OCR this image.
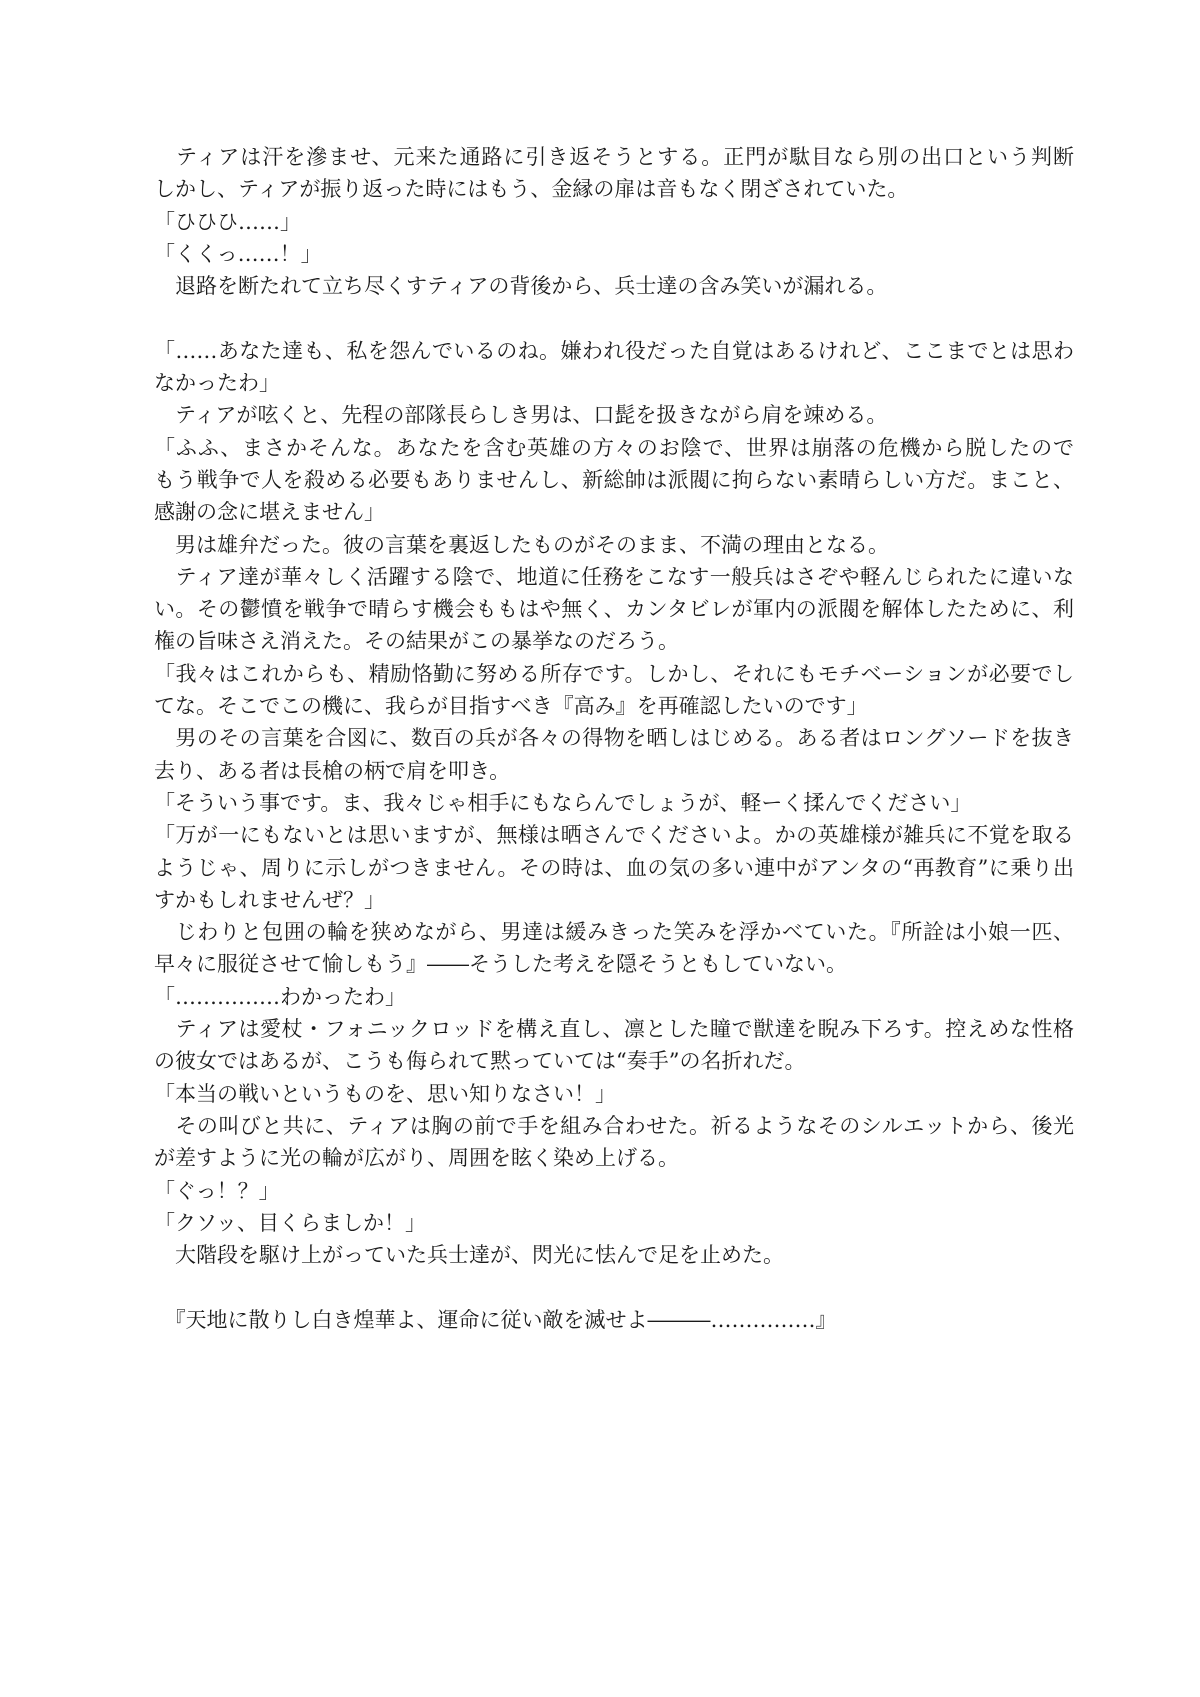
　ティアは汗を滲ませ、元来た通路に引き返そうとする。正門が駄目なら別の出口という判断
しかし、ティアが振り返った時にはもう、金縁の扉は音もなく閉ざされていた。
「ひひひ……」
「くくっ……！」
　退路を断たれて立ち尽くすティアの背後から、兵士達の含み笑いが漏れる。
「……あなた達も、私を怨んでいるのね。嫌われ役だった自覚はあるけれど、ここまでとは思わ
なかったわ」
　ティアが呟くと、先程の部隊長らしき男は、口髭を扱きながら肩を竦める。
「ふふ、まさかそんな。あなたを含む英雄の方々のお陰で、世界は崩落の危機から脱したので
もう戦争で人を殺める必要もありませんし、新総帥は派閥に拘らない素晴らしい方だ。まこと、
感謝の念に堪えません」
　男は雄弁だった。彼の言葉を裏返したものがそのまま、不満の理由となる。
　ティア達が華々しく活躍する陰で、地道に任務をこなす一般兵はさぞや軽んじられたに違いな
い。その鬱憤を戦争で晴らす機会ももはや無く、カンタビレが軍内の派閥を解体したために、利
権の旨味さえ消えた。その結果がこの暴挙なのだろう。
「我々はこれからも、精励恪勤に努める所存です。しかし、それにもモチベーションが必要でし
てな。そこでこの機に、我らが目指すべき『高み』を再確認したいのです」
　男のその言葉を合図に、数百の兵が各々の得物を晒しはじめる。ある者はロングソードを抜き
去り、ある者は長槍の柄で肩を叩き。
「そういう事です。ま、我々じゃ相手にもならんでしょうが、軽ーく揉んでください」
「万が一にもないとは思いますが、無様は晒さんでくださいよ。かの英雄様が雑兵に不覚を取る
ようじゃ、周りに示しがつきません。その時は、血の気の多い連中がアンタの“再教育”に乗り出
すかもしれませんぜ？」
　じわりと包囲の輪を狭めながら、男達は緩みきった笑みを浮かべていた。『所詮は小娘一匹、
早々に服従させて愉しもう』――そうした考えを隠そうともしていない。
「……………わかったわ」
　ティアは愛杖・フォニックロッドを構え直し、凛とした瞳で獣達を睨み下ろす。控えめな性格
の彼女ではあるが、こうも侮られて黙っていては“奏手”の名折れだ。
「本当の戦いというものを、思い知りなさい！」
　その叫びと共に、ティアは胸の前で手を組み合わせた。祈るようなそのシルエットから、後光
が差すように光の輪が広がり、周囲を眩く染め上げる。
「ぐっ！？」
「クソッ、目くらましか！」
　大階段を駆け上がっていた兵士達が、閃光に怯んで足を止めた。
　『天地に散りし白き煌華よ、運命に従い敵を滅せよ―――……………』
